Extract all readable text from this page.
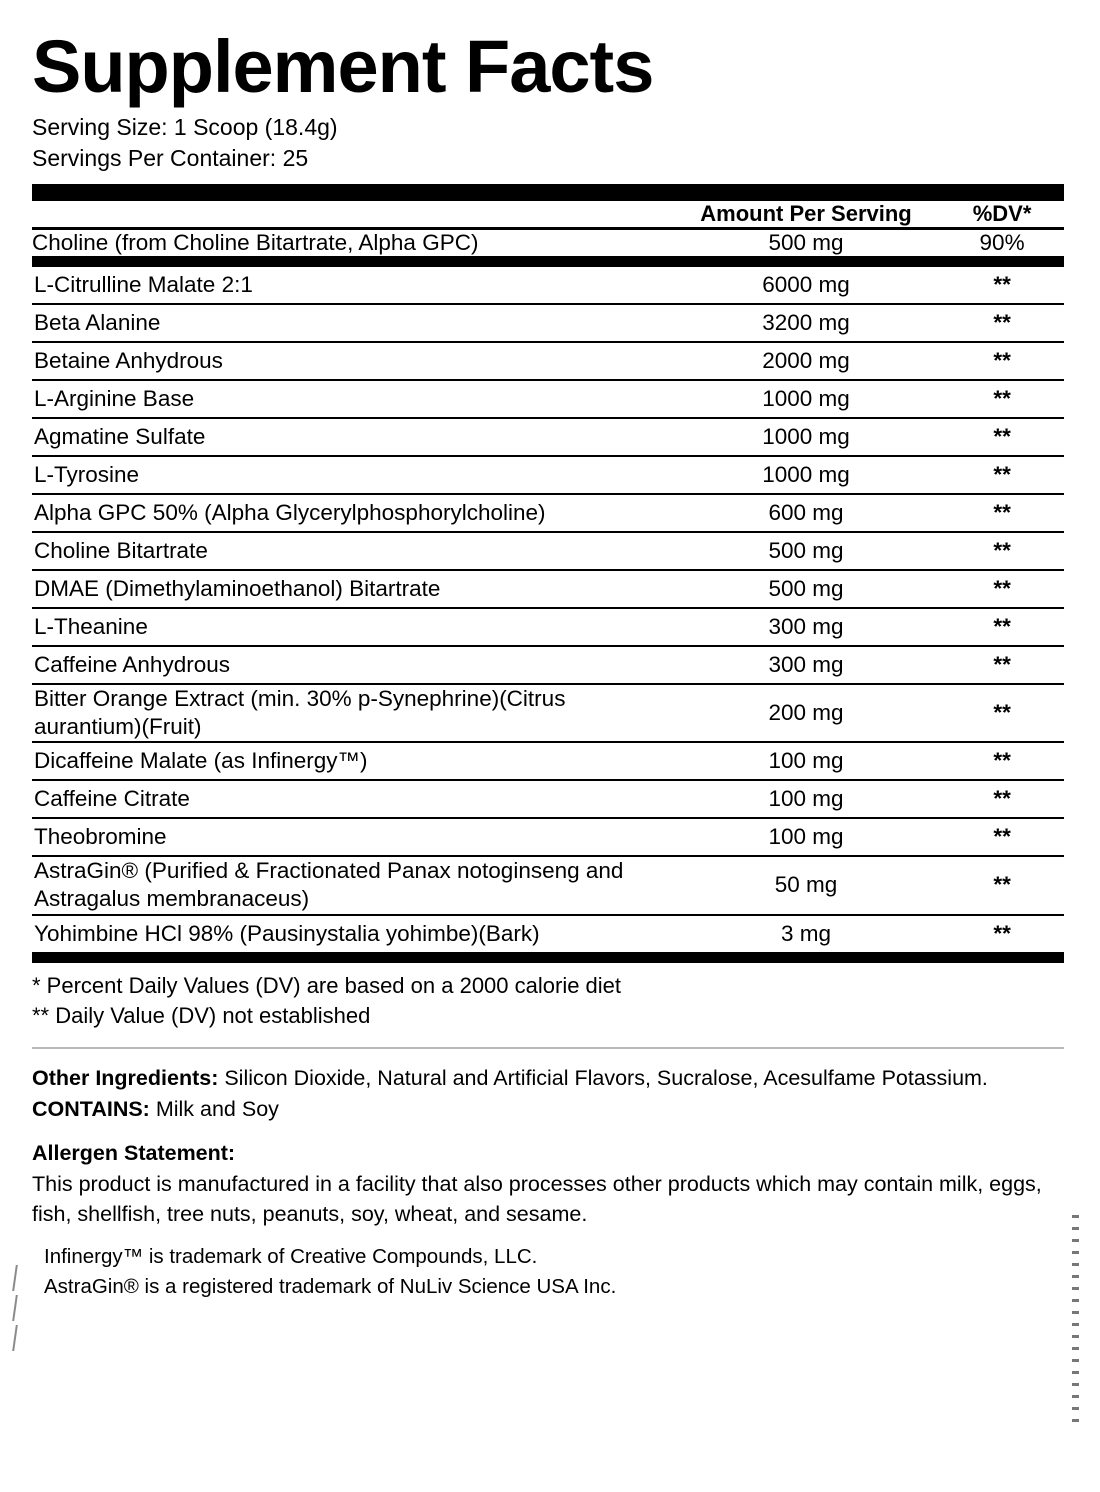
Supplement Facts
Serving Size: 1 Scoop (18.4g)
Servings Per Container: 25
	Amount Per Serving	%DV*
Choline (from Choline Bitartrate, Alpha GPC)	500 mg	90%
L-Citrulline Malate 2:1	6000 mg	**
Beta Alanine	3200 mg	**
Betaine Anhydrous	2000 mg	**
L-Arginine Base	1000 mg	**
Agmatine Sulfate	1000 mg	**
L-Tyrosine	1000 mg	**
Alpha GPC 50% (Alpha Glycerylphosphorylcholine)	600 mg	**
Choline Bitartrate	500 mg	**
DMAE (Dimethylaminoethanol) Bitartrate	500 mg	**
L-Theanine	300 mg	**
Caffeine Anhydrous	300 mg	**
Bitter Orange Extract (min. 30% p-Synephrine)(Citrus aurantium)(Fruit)	200 mg	**
Dicaffeine Malate (as Infinergy™)	100 mg	**
Caffeine Citrate	100 mg	**
Theobromine	100 mg	**
AstraGin® (Purified & Fractionated Panax notoginseng and Astragalus membranaceus)	50 mg	**
Yohimbine HCl 98% (Pausinystalia yohimbe)(Bark)	3 mg	**
* Percent Daily Values (DV) are based on a 2000 calorie diet
** Daily Value (DV) not established
Other Ingredients: Silicon Dioxide, Natural and Artificial Flavors, Sucralose, Acesulfame Potassium.
CONTAINS: Milk and Soy
Allergen Statement:
This product is manufactured in a facility that also processes other products which may contain milk, eggs, fish, shellfish, tree nuts, peanuts, soy, wheat, and sesame.
Infinergy™ is trademark of Creative Compounds, LLC.
AstraGin® is a registered trademark of NuLiv Science USA Inc.
